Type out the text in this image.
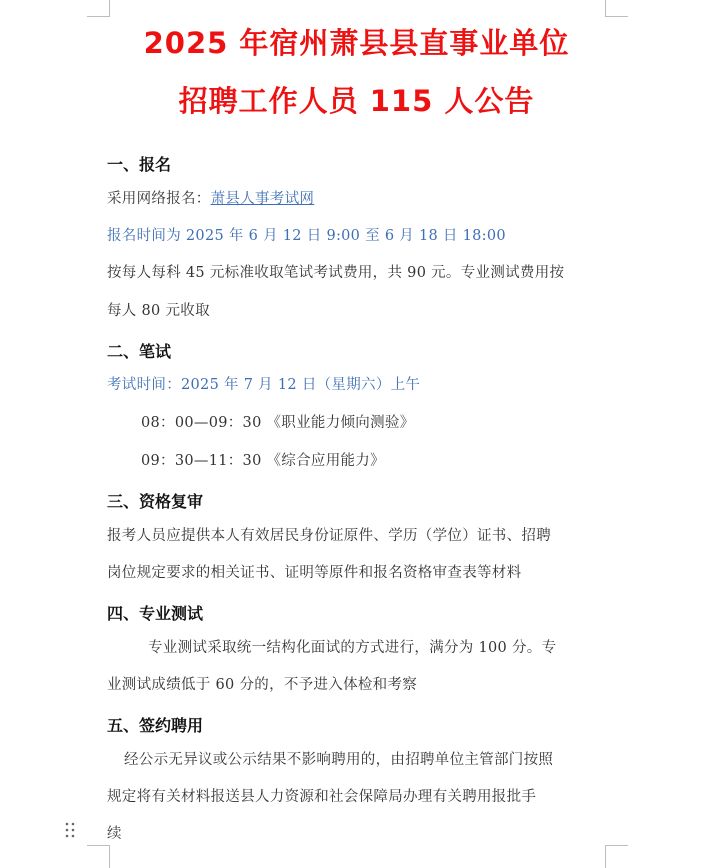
2025 年宿州萧县县直事业单位
招聘工作人员 115 人公告
一、报名

采用网络报名：萧县人事考试网

报名时间为 2025 年 6 月 12 日 9:00 至 6 月 18 日 18:00

按每人每科 45 元标准收取笔试考试费用，共 90 元。专业测试费用按

每人 80 元收取

二、笔试

考试时间：2025 年 7 月 12 日（星期六）上午

08：00—09：30 《职业能力倾向测验》

09：30—11：30 《综合应用能力》

三、资格复审

报考人员应提供本人有效居民身份证原件、学历（学位）证书、招聘

岗位规定要求的相关证书、证明等原件和报名资格审查表等材料

四、专业测试

专业测试采取统一结构化面试的方式进行，满分为 100 分。专

业测试成绩低于 60 分的，不予进入体检和考察

五、签约聘用

经公示无异议或公示结果不影响聘用的，由招聘单位主管部门按照

规定将有关材料报送县人力资源和社会保障局办理有关聘用报批手

续
